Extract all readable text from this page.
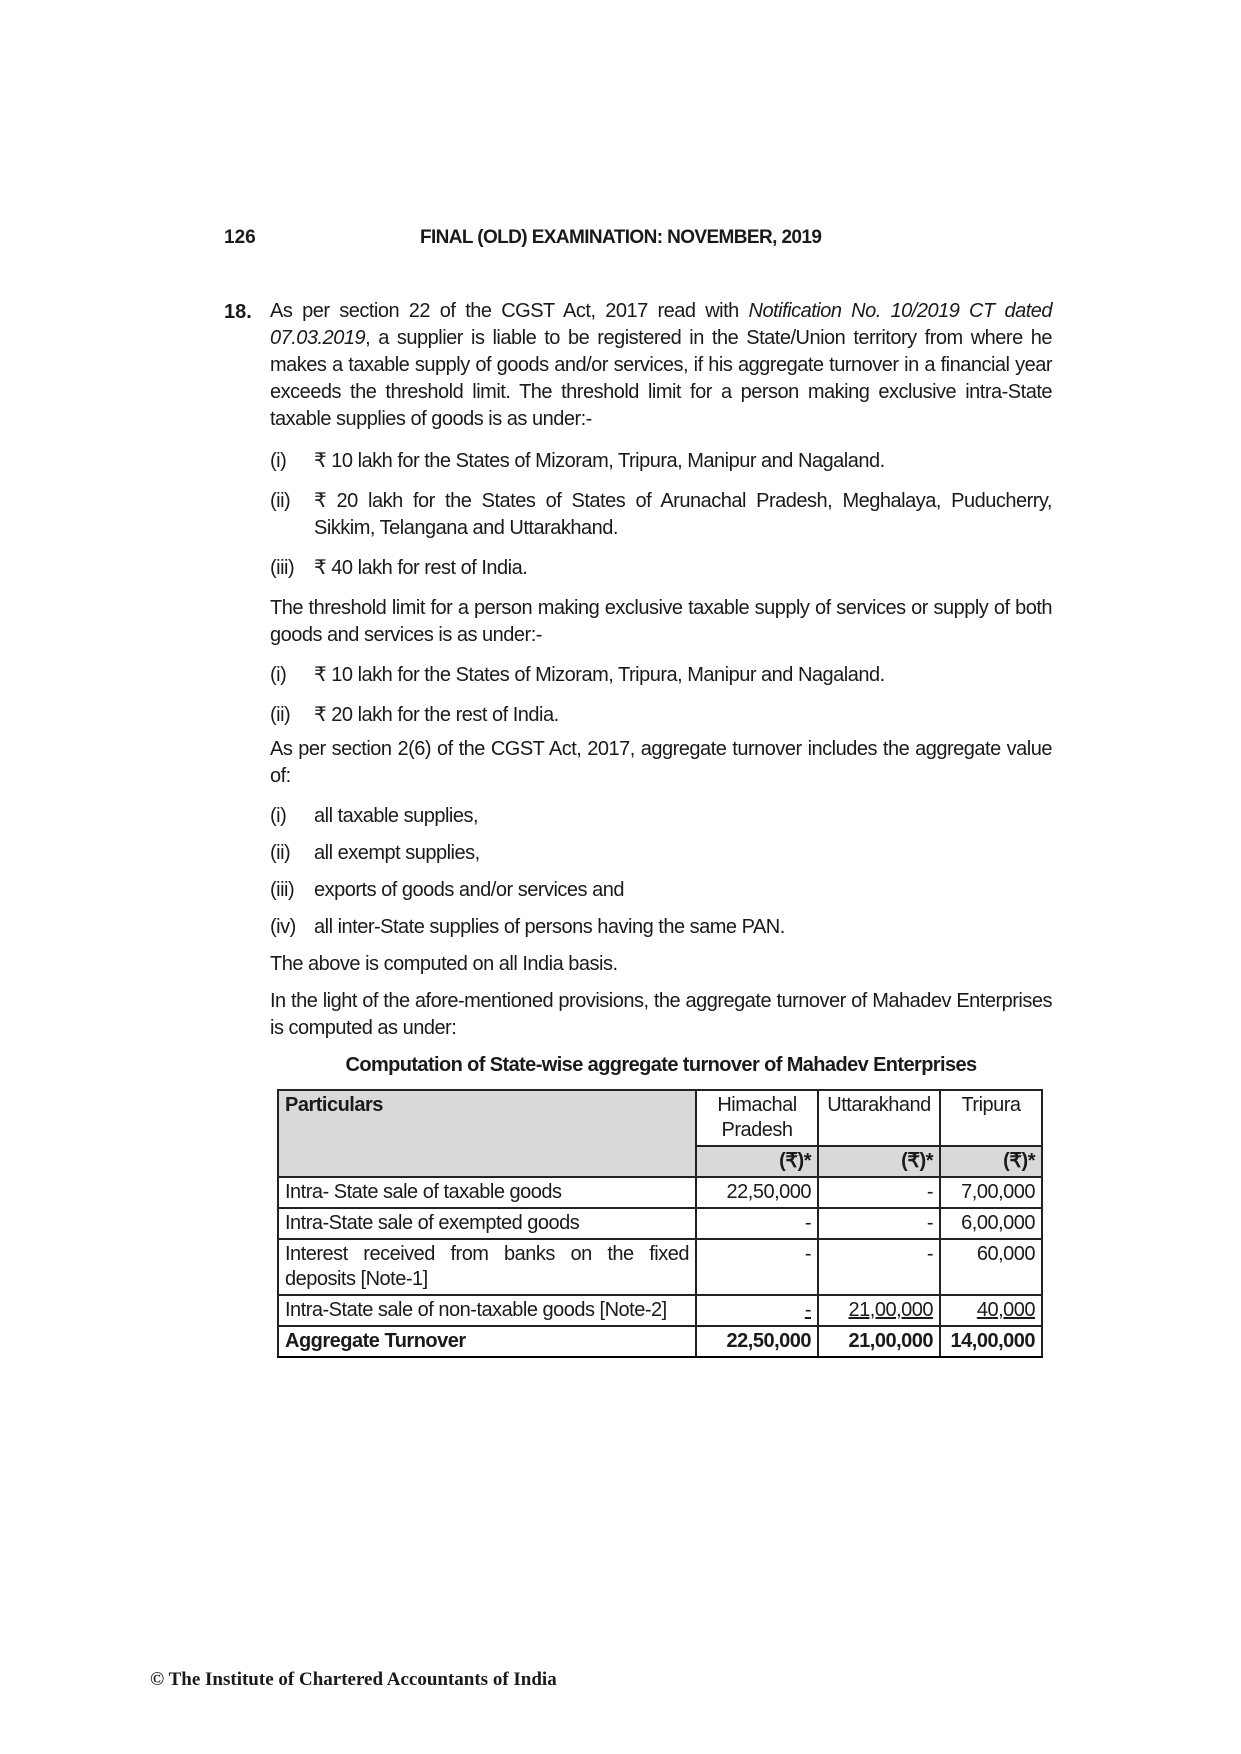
126	FINAL (OLD) EXAMINATION: NOVEMBER, 2019
18. As per section 22 of the CGST Act, 2017 read with Notification No. 10/2019 CT dated 07.03.2019, a supplier is liable to be registered in the State/Union territory from where he makes a taxable supply of goods and/or services, if his aggregate turnover in a financial year exceeds the threshold limit. The threshold limit for a person making exclusive intra-State taxable supplies of goods is as under:-
(i)	₹ 10 lakh for the States of Mizoram, Tripura, Manipur and Nagaland.
(ii)	₹ 20 lakh for the States of States of Arunachal Pradesh, Meghalaya, Puducherry, Sikkim, Telangana and Uttarakhand.
(iii) ₹ 40 lakh for rest of India.
The threshold limit for a person making exclusive taxable supply of services or supply of both goods and services is as under:-
(i)	₹ 10 lakh for the States of Mizoram, Tripura, Manipur and Nagaland.
(ii)	₹ 20 lakh for the rest of India.
As per section 2(6) of the CGST Act, 2017, aggregate turnover includes the aggregate value of:
(i)	all taxable supplies,
(ii)	all exempt supplies,
(iii) exports of goods and/or services and
(iv) all inter-State supplies of persons having the same PAN.
The above is computed on all India basis.
In the light of the afore-mentioned provisions, the aggregate turnover of Mahadev Enterprises is computed as under:
Computation of State-wise aggregate turnover of Mahadev Enterprises
Particulars	Himachal Pradesh	Uttarakhand	Tripura
	(₹)*	(₹)*	(₹)*
Intra- State sale of taxable goods	22,50,000	-	7,00,000
Intra-State sale of exempted goods	-	-	6,00,000
Interest received from banks on the fixed deposits [Note-1]	-	-	60,000
Intra-State sale of non-taxable goods [Note-2]	-	21,00,000	40,000
Aggregate Turnover	22,50,000	21,00,000	14,00,000
© The Institute of Chartered Accountants of India
